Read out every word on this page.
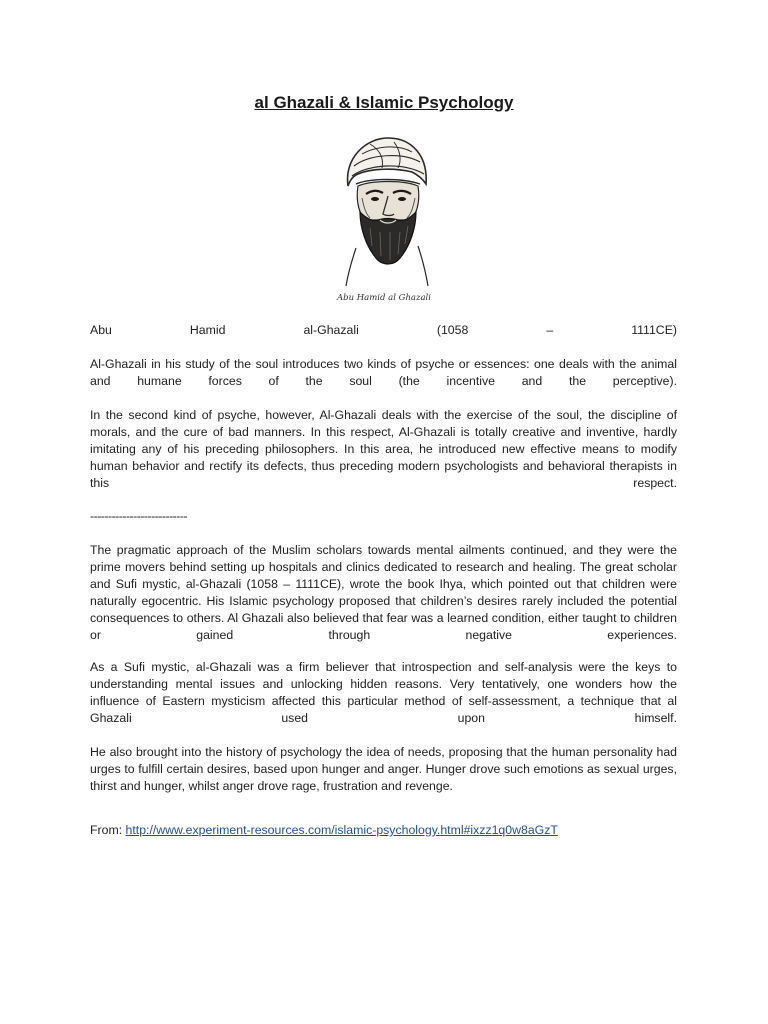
al Ghazali & Islamic Psychology
Abu Hamid al Ghazali

Abu Hamid al-Ghazali (1058 – 1111CE)

Al-Ghazali in his study of the soul introduces two kinds of psyche or essences: one deals with the animal and humane forces of the soul (the incentive and the perceptive).

In the second kind of psyche, however, Al-Ghazali deals with the exercise of the soul, the discipline of morals, and the cure of bad manners. In this respect, Al-Ghazali is totally creative and inventive, hardly imitating any of his preceding philosophers. In this area, he introduced new effective means to modify human behavior and rectify its defects, thus preceding modern psychologists and behavioral therapists in this respect.

---------------------------

The pragmatic approach of the Muslim scholars towards mental ailments continued, and they were the prime movers behind setting up hospitals and clinics dedicated to research and healing. The great scholar and Sufi mystic, al-Ghazali (1058 – 1111CE), wrote the book Ihya, which pointed out that children were naturally egocentric. His Islamic psychology proposed that children’s desires rarely included the potential consequences to others. Al Ghazali also believed that fear was a learned condition, either taught to children or gained through negative experiences.

As a Sufi mystic, al-Ghazali was a firm believer that introspection and self-analysis were the keys to understanding mental issues and unlocking hidden reasons. Very tentatively, one wonders how the influence of Eastern mysticism affected this particular method of self-assessment, a technique that al Ghazali used upon himself.

He also brought into the history of psychology the idea of needs, proposing that the human personality had urges to fulfill certain desires, based upon hunger and anger. Hunger drove such emotions as sexual urges, thirst and hunger, whilst anger drove rage, frustration and revenge.

From: http://www.experiment-resources.com/islamic-psychology.html#ixzz1q0w8aGzT
